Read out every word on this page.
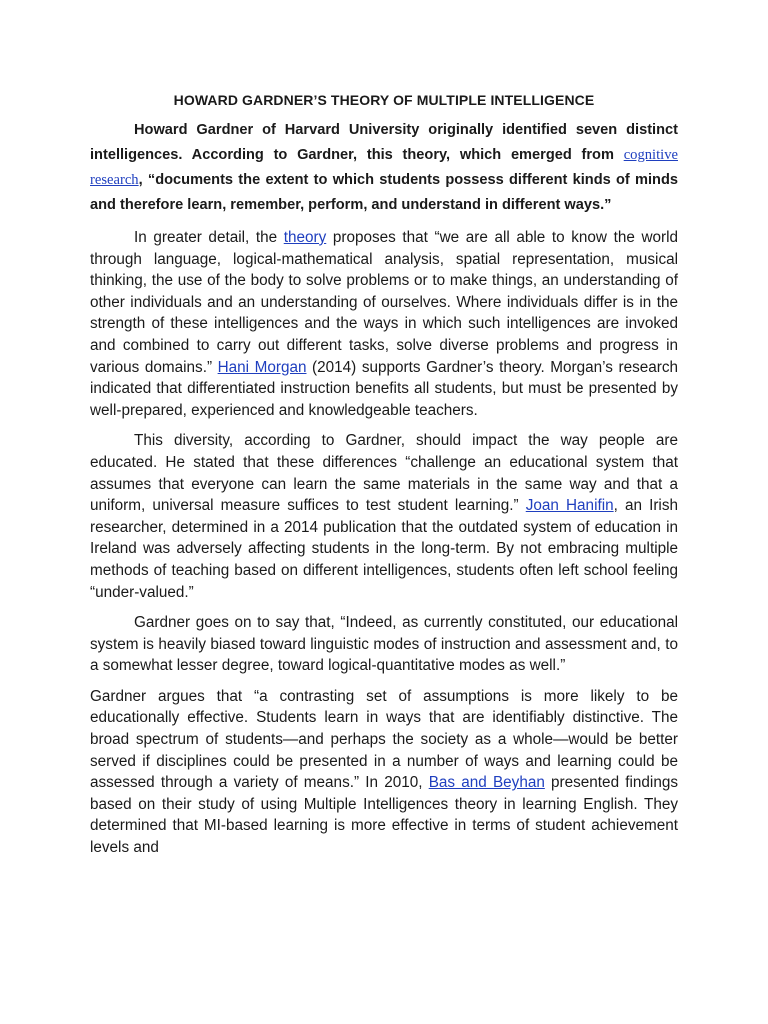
HOWARD GARDNER’S THEORY OF MULTIPLE INTELLIGENCE

Howard Gardner of Harvard University originally identified seven distinct intelligences. According to Gardner, this theory, which emerged from cognitive research, “documents the extent to which students possess different kinds of minds and therefore learn, remember, perform, and understand in different ways.”

In greater detail, the theory proposes that “we are all able to know the world through language, logical-mathematical analysis, spatial representation, musical thinking, the use of the body to solve problems or to make things, an understanding of other individuals and an understanding of ourselves. Where individuals differ is in the strength of these intelligences and the ways in which such intelligences are invoked and combined to carry out different tasks, solve diverse problems and progress in various domains.” Hani Morgan (2014) supports Gardner’s theory. Morgan’s research indicated that differentiated instruction benefits all students, but must be presented by well-prepared, experienced and knowledgeable teachers.

This diversity, according to Gardner, should impact the way people are educated. He stated that these differences “challenge an educational system that assumes that everyone can learn the same materials in the same way and that a uniform, universal measure suffices to test student learning.” Joan Hanifin, an Irish researcher, determined in a 2014 publication that the outdated system of education in Ireland was adversely affecting students in the long-term. By not embracing multiple methods of teaching based on different intelligences, students often left school feeling “under-valued.”

Gardner goes on to say that, “Indeed, as currently constituted, our educational system is heavily biased toward linguistic modes of instruction and assessment and, to a somewhat lesser degree, toward logical-quantitative modes as well.”

Gardner argues that “a contrasting set of assumptions is more likely to be educationally effective. Students learn in ways that are identifiably distinctive. The broad spectrum of students—and perhaps the society as a whole—would be better served if disciplines could be presented in a number of ways and learning could be assessed through a variety of means.” In 2010, Bas and Beyhan presented findings based on their study of using Multiple Intelligences theory in learning English. They determined that MI-based learning is more effective in terms of student achievement levels and
